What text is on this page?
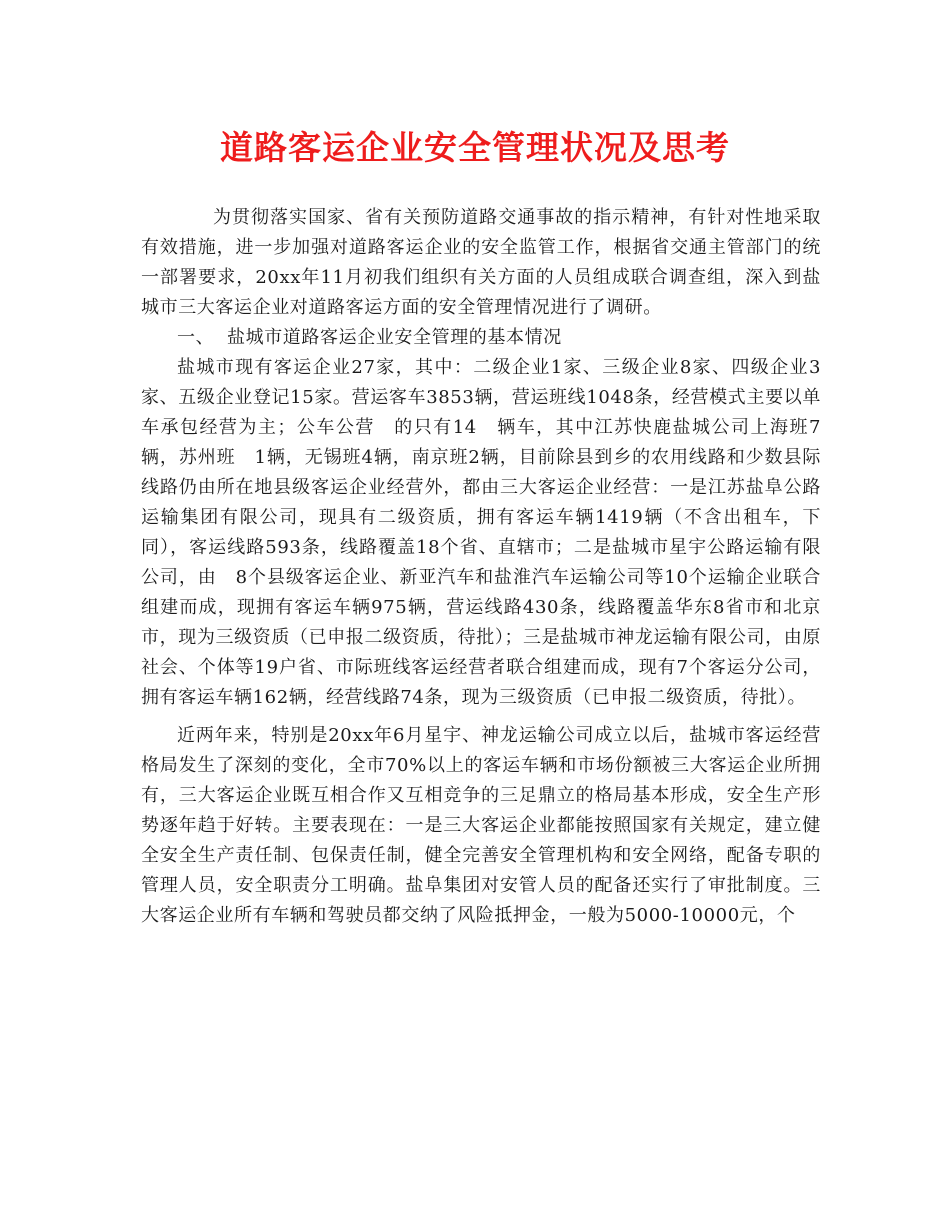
道路客运企业安全管理状况及思考

为贯彻落实国家、省有关预防道路交通事故的指示精神，有针对性地采取有效措施，进一步加强对道路客运企业的安全监管工作，根据省交通主管部门的统一部署要求，20xx年11月初我们组织有关方面的人员组成联合调查组，深入到盐城市三大客运企业对道路客运方面的安全管理情况进行了调研。

一、 盐城市道路客运企业安全管理的基本情况

盐城市现有客运企业27家，其中：二级企业1家、三级企业8家、四级企业3家、五级企业登记15家。营运客车3853辆，营运班线1048条，经营模式主要以单车承包经营为主；公车公营　的只有14　辆车，其中江苏快鹿盐城公司上海班7辆，苏州班　1辆，无锡班4辆，南京班2辆，目前除县到乡的农用线路和少数县际线路仍由所在地县级客运企业经营外，都由三大客运企业经营：一是江苏盐阜公路运输集团有限公司，现具有二级资质，拥有客运车辆1419辆（不含出租车，下同），客运线路593条，线路覆盖18个省、直辖市；二是盐城市星宇公路运输有限公司，由　8个县级客运企业、新亚汽车和盐淮汽车运输公司等10个运输企业联合组建而成，现拥有客运车辆975辆，营运线路430条，线路覆盖华东8省市和北京市，现为三级资质（已申报二级资质，待批）；三是盐城市神龙运输有限公司，由原社会、个体等19户省、市际班线客运经营者联合组建而成，现有7个客运分公司，拥有客运车辆162辆，经营线路74条，现为三级资质（已申报二级资质，待批）。

近两年来，特别是20xx年6月星宇、神龙运输公司成立以后，盐城市客运经营格局发生了深刻的变化，全市70%以上的客运车辆和市场份额被三大客运企业所拥有，三大客运企业既互相合作又互相竞争的三足鼎立的格局基本形成，安全生产形势逐年趋于好转。主要表现在：一是三大客运企业都能按照国家有关规定，建立健全安全生产责任制、包保责任制，健全完善安全管理机构和安全网络，配备专职的管理人员，安全职责分工明确。盐阜集团对安管人员的配备还实行了审批制度。三大客运企业所有车辆和驾驶员都交纳了风险抵押金，一般为5000-10000元，个
